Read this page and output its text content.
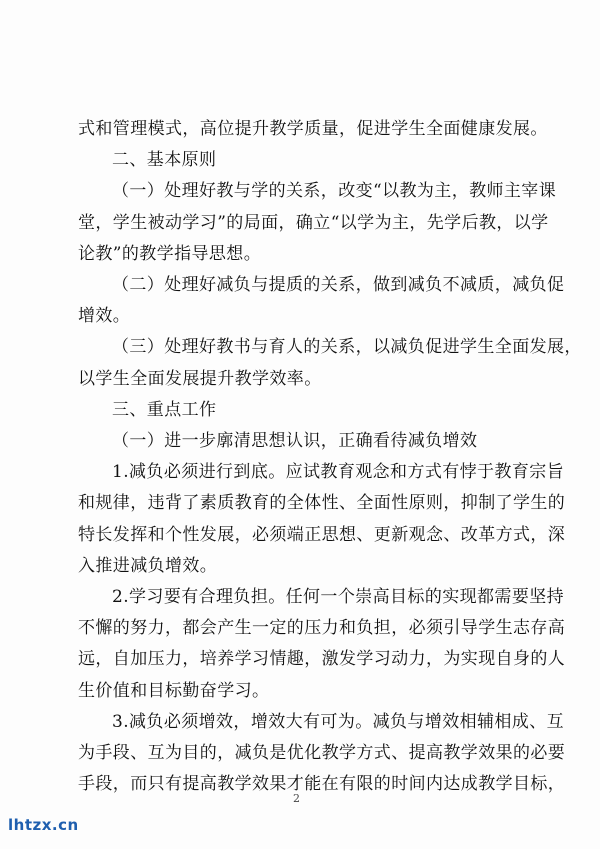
式和管理模式，高位提升教学质量，促进学生全面健康发展。
二、基本原则
（一）处理好教与学的关系，改变“以教为主，教师主宰课
堂，学生被动学习”的局面，确立“以学为主，先学后教，以学
论教”的教学指导思想。
（二）处理好减负与提质的关系，做到减负不减质，减负促
增效。
（三）处理好教书与育人的关系，以减负促进学生全面发展，
以学生全面发展提升教学效率。
三、重点工作
（一）进一步廓清思想认识，正确看待减负增效
1.减负必须进行到底。应试教育观念和方式有悖于教育宗旨
和规律，违背了素质教育的全体性、全面性原则，抑制了学生的
特长发挥和个性发展，必须端正思想、更新观念、改革方式，深
入推进减负增效。
2.学习要有合理负担。任何一个崇高目标的实现都需要坚持
不懈的努力，都会产生一定的压力和负担，必须引导学生志存高
远，自加压力，培养学习情趣，激发学习动力，为实现自身的人
生价值和目标勤奋学习。
3.减负必须增效，增效大有可为。减负与增效相辅相成、互
为手段、互为目的，减负是优化教学方式、提高教学效果的必要
手段，而只有提高教学效果才能在有限的时间内达成教学目标，
2
lhtzx.cn
